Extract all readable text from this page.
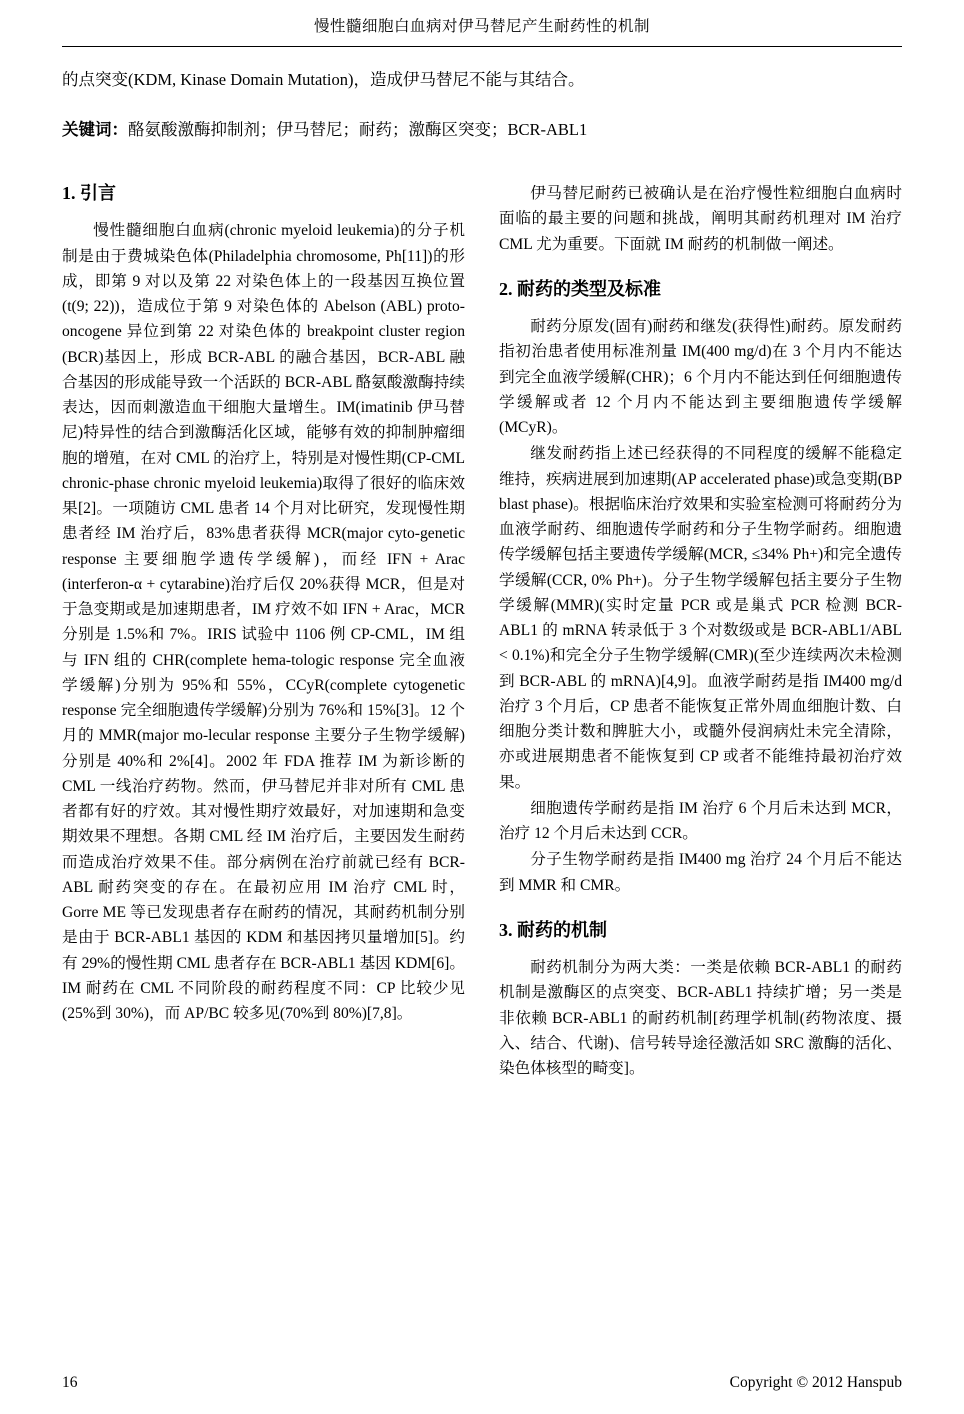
慢性髓细胞白血病对伊马替尼产生耐药性的机制

的点突变(KDM, Kinase Domain Mutation)，造成伊马替尼不能与其结合。

关键词：酪氨酸激酶抑制剂；伊马替尼；耐药；激酶区突变；BCR-ABL1

1. 引言

慢性髓细胞白血病(chronic myeloid leukemia)的分子机制是由于费城染色体(Philadelphia chromosome, Ph[11])的形成，即第 9 对以及第 22 对染色体上的一段基因互换位置(t(9; 22))，造成位于第 9 对染色体的 Abelson (ABL) proto-oncogene 异位到第 22 对染色体的 breakpoint cluster region (BCR)基因上，形成 BCR-ABL 的融合基因，BCR-ABL 融合基因的形成能导致一个活跃的 BCR-ABL 酪氨酸激酶持续表达，因而刺激造血干细胞大量增生。IM(imatinib 伊马替尼)特异性的结合到激酶活化区域，能够有效的抑制肿瘤细胞的增殖，在对 CML 的治疗上，特别是对慢性期(CP-CML chronic-phase chronic myeloid leukemia)取得了很好的临床效果[2]。一项随访 CML 患者 14 个月对比研究，发现慢性期患者经 IM 治疗后，83%患者获得 MCR(major cyto-genetic response 主要细胞学遗传学缓解)，而经 IFN + Arac (interferon-α + cytarabine)治疗后仅 20%获得 MCR，但是对于急变期或是加速期患者，IM 疗效不如 IFN + Arac，MCR 分别是 1.5%和 7%。IRIS 试验中 1106 例 CP-CML，IM 组与 IFN 组的 CHR(complete hema-tologic response 完全血液学缓解)分别为 95%和 55%，CCyR(complete cytogenetic response 完全细胞遗传学缓解)分别为 76%和 15%[3]。12 个月的 MMR(major mo-lecular response 主要分子生物学缓解)分别是 40%和 2%[4]。2002 年 FDA 推荐 IM 为新诊断的 CML 一线治疗药物。然而，伊马替尼并非对所有 CML 患者都有好的疗效。其对慢性期疗效最好，对加速期和急变期效果不理想。各期 CML 经 IM 治疗后，主要因发生耐药而造成治疗效果不佳。部分病例在治疗前就已经有 BCR-ABL 耐药突变的存在。在最初应用 IM 治疗 CML 时，Gorre ME 等已发现患者存在耐药的情况，其耐药机制分别是由于 BCR-ABL1 基因的 KDM 和基因拷贝量增加[5]。约有 29%的慢性期 CML 患者存在 BCR-ABL1 基因 KDM[6]。IM 耐药在 CML 不同阶段的耐药程度不同：CP 比较少见(25%到 30%)，而 AP/BC 较多见(70%到 80%)[7,8]。

伊马替尼耐药已被确认是在治疗慢性粒细胞白血病时面临的最主要的问题和挑战，阐明其耐药机理对 IM 治疗 CML 尤为重要。下面就 IM 耐药的机制做一阐述。

2. 耐药的类型及标准

耐药分原发(固有)耐药和继发(获得性)耐药。原发耐药指初治患者使用标准剂量 IM(400 mg/d)在 3 个月内不能达到完全血液学缓解(CHR)；6 个月内不能达到任何细胞遗传学缓解或者 12 个月内不能达到主要细胞遗传学缓解(MCyR)。

继发耐药指上述已经获得的不同程度的缓解不能稳定维持，疾病进展到加速期(AP accelerated phase)或急变期(BP blast phase)。根据临床治疗效果和实验室检测可将耐药分为血液学耐药、细胞遗传学耐药和分子生物学耐药。细胞遗传学缓解包括主要遗传学缓解(MCR, ≤34% Ph+)和完全遗传学缓解(CCR, 0% Ph+)。分子生物学缓解包括主要分子生物学缓解(MMR)(实时定量 PCR 或是巢式 PCR 检测 BCR-ABL1 的 mRNA 转录低于 3 个对数级或是 BCR-ABL1/ABL < 0.1%)和完全分子生物学缓解(CMR)(至少连续两次未检测到 BCR-ABL 的 mRNA)[4,9]。血液学耐药是指 IM400 mg/d 治疗 3 个月后，CP 患者不能恢复正常外周血细胞计数、白细胞分类计数和脾脏大小，或髓外侵润病灶未完全清除，亦或进展期患者不能恢复到 CP 或者不能维持最初治疗效果。

细胞遗传学耐药是指 IM 治疗 6 个月后未达到 MCR，治疗 12 个月后未达到 CCR。

分子生物学耐药是指 IM400 mg 治疗 24 个月后不能达到 MMR 和 CMR。

3. 耐药的机制

耐药机制分为两大类：一类是依赖 BCR-ABL1 的耐药机制是激酶区的点突变、BCR-ABL1 持续扩增；另一类是非依赖 BCR-ABL1 的耐药机制[药理学机制(药物浓度、摄入、结合、代谢)、信号转导途径激活如 SRC 激酶的活化、染色体核型的畸变]。

16	Copyright © 2012 Hanspub
